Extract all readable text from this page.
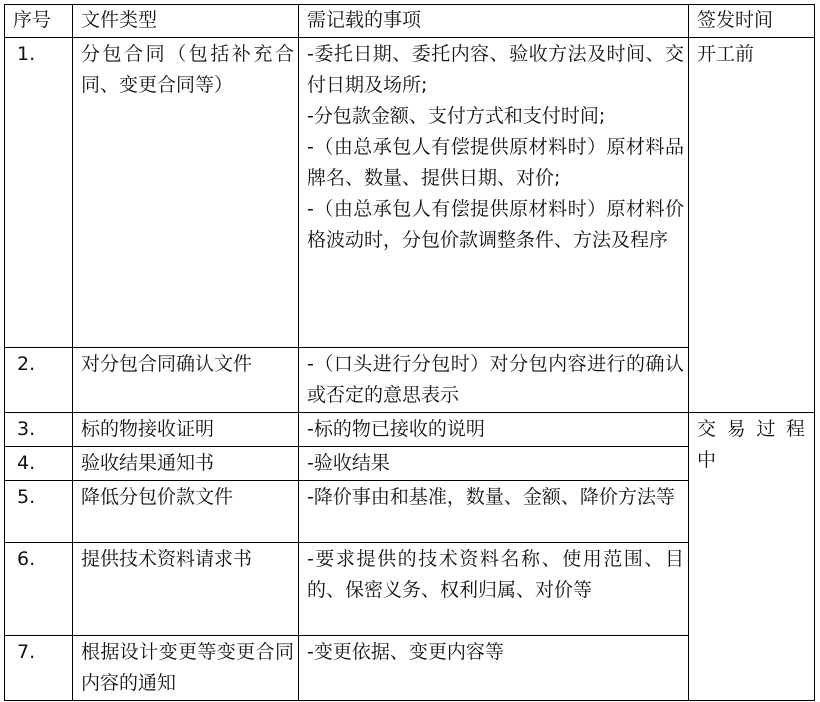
序号	文件类型	需记载的事项	签发时间
1.	分包合同（包括补充合同、变更合同等）	-委托日期、委托内容、验收方法及时间、交付日期及场所;
-分包款金额、支付方式和支付时间;
-（由总承包人有偿提供原材料时）原材料品牌名、数量、提供日期、对价;
-（由总承包人有偿提供原材料时）原材料价格波动时，分包价款调整条件、方法及程序	开工前
2.	对分包合同确认文件	-（口头进行分包时）对分包内容进行的确认或否定的意思表示	

3.	标的物接收证明	-标的物已接收的说明	交易过程中
4.	验收结果通知书	-验收结果	

5.	降低分包价款文件	-降价事由和基准，数量、金额、降价方法等	

6.	提供技术资料请求书	-要求提供的技术资料名称、使用范围、目的、保密义务、权利归属、对价等	

7.	根据设计变更等变更合同内容的通知	-变更依据、变更内容等	
